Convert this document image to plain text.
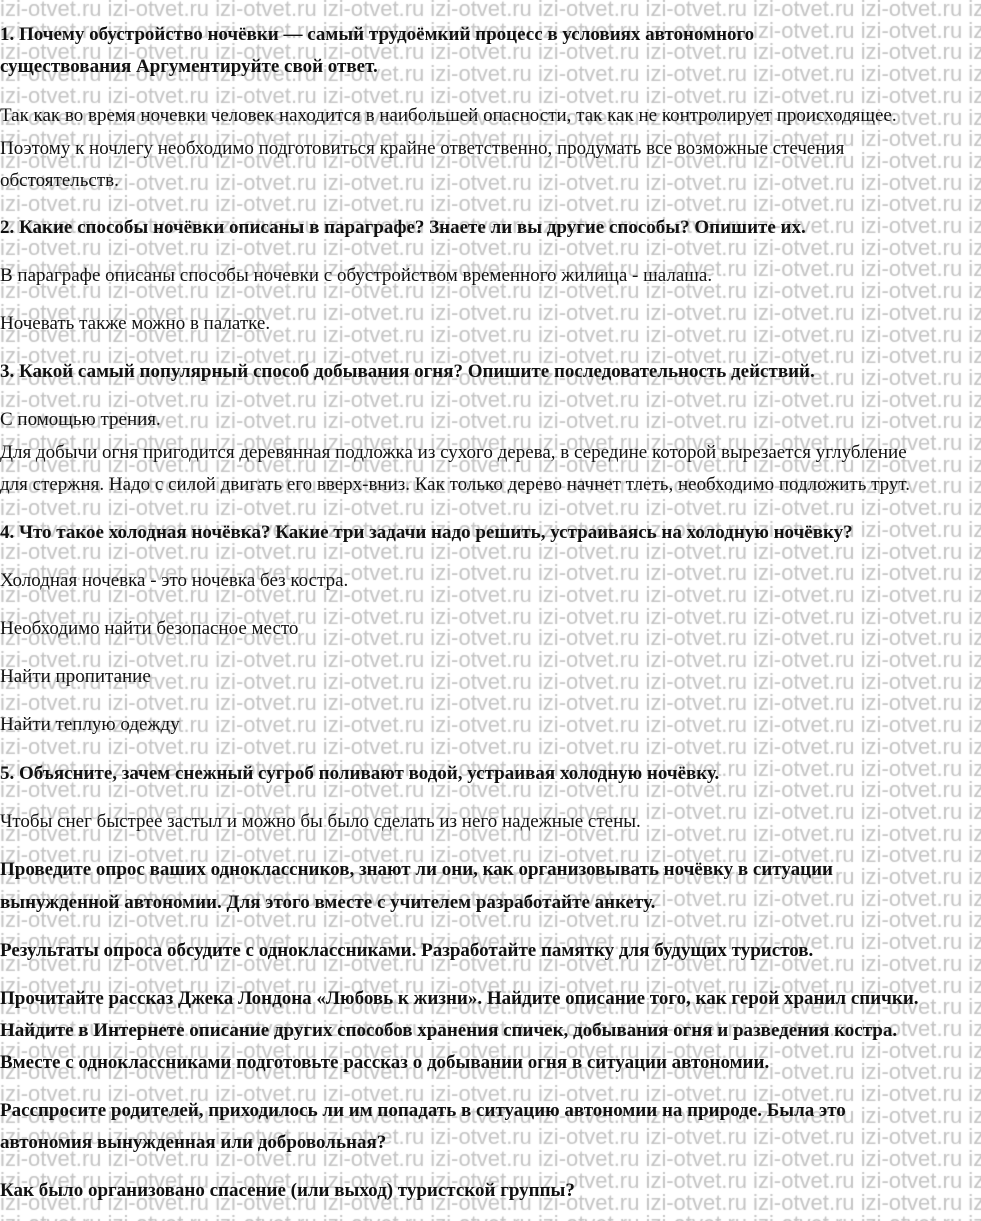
1. Почему обустройство ночёвки — самый трудоёмкий процесс в условиях автономного
существования Аргументируйте свой ответ.
Так как во время ночевки человек находится в наибольшей опасности, так как не контролирует происходящее.
Поэтому к ночлегу необходимо подготовиться крайне ответственно, продумать все возможные стечения
обстоятельств.
2. Какие способы ночёвки описаны в параграфе? Знаете ли вы другие способы? Опишите их.
В параграфе описаны способы ночевки с обустройством временного жилища - шалаша.
Ночевать также можно в палатке.
3. Какой самый популярный способ добывания огня? Опишите последовательность действий.
С помощью трения.
Для добычи огня пригодится деревянная подложка из сухого дерева, в середине которой вырезается углубление
для стержня. Надо с силой двигать его вверх-вниз. Как только дерево начнет тлеть, необходимо подложить трут.
4. Что такое холодная ночёвка? Какие три задачи надо решить, устраиваясь на холодную ночёвку?
Холодная ночевка - это ночевка без костра.
Необходимо найти безопасное место
Найти пропитание
Найти теплую одежду
5. Объясните, зачем снежный сугроб поливают водой, устраивая холодную ночёвку.
Чтобы снег быстрее застыл и можно бы было сделать из него надежные стены.
Проведите опрос ваших одноклассников, знают ли они, как организовывать ночёвку в ситуации
вынужденной автономии. Для этого вместе с учителем разработайте анкету.
Результаты опроса обсудите с одноклассниками. Разработайте памятку для будущих туристов.
Прочитайте рассказ Джека Лондона «Любовь к жизни». Найдите описание того, как герой хранил спички.
Найдите в Интернете описание других способов хранения спичек, добывания огня и разведения костра.
Вместе с одноклассниками подготовьте рассказ о добывании огня в ситуации автономии.
Расспросите родителей, приходилось ли им попадать в ситуацию автономии на природе. Была это
автономия вынужденная или добровольная?
Как было организовано спасение (или выход) туристской группы?
